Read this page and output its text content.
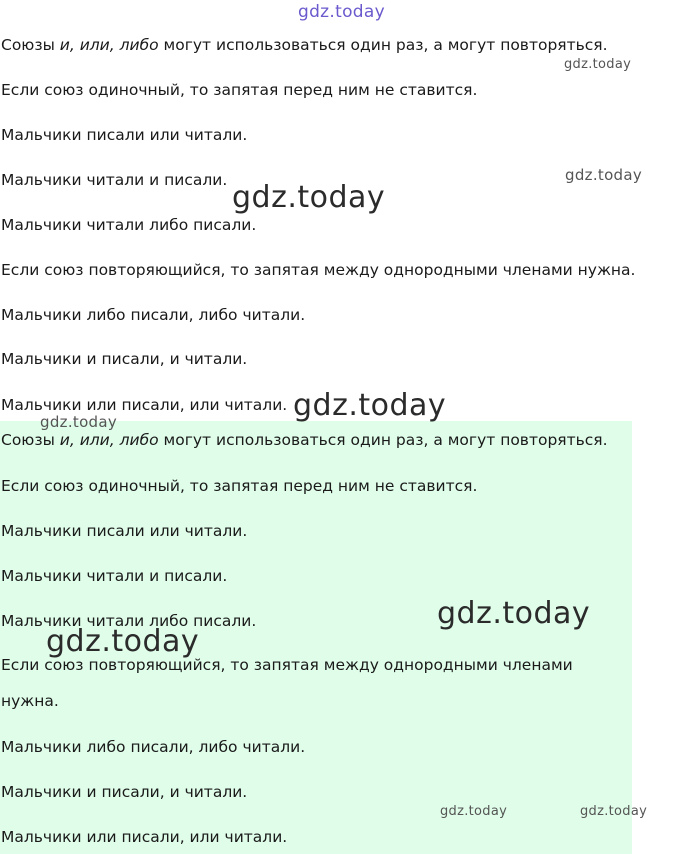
Союзы и, или, либо могут использоваться один раз, а могут повторяться.

Если союз одиночный, то запятая перед ним не ставится.

Мальчики писали или читали.

Мальчики читали и писали.

Мальчики читали либо писали.

Если союз повторяющийся, то запятая между однородными членами нужна.

Мальчики либо писали, либо читали.

Мальчики и писали, и читали.

Мальчики или писали, или читали.

Союзы и, или, либо могут использоваться один раз, а могут повторяться.

Если союз одиночный, то запятая перед ним не ставится.

Мальчики писали или читали.

Мальчики читали и писали.

Мальчики читали либо писали.

Если союз повторяющийся, то запятая между однородными членами нужна.

Мальчики либо писали, либо читали.

Мальчики и писали, и читали.

Мальчики или писали, или читали.

gdz.today
gdz.today
gdz.today
gdz.today
gdz.today
gdz.today
gdz.today
gdz.today
gdz.today	gdz.today
